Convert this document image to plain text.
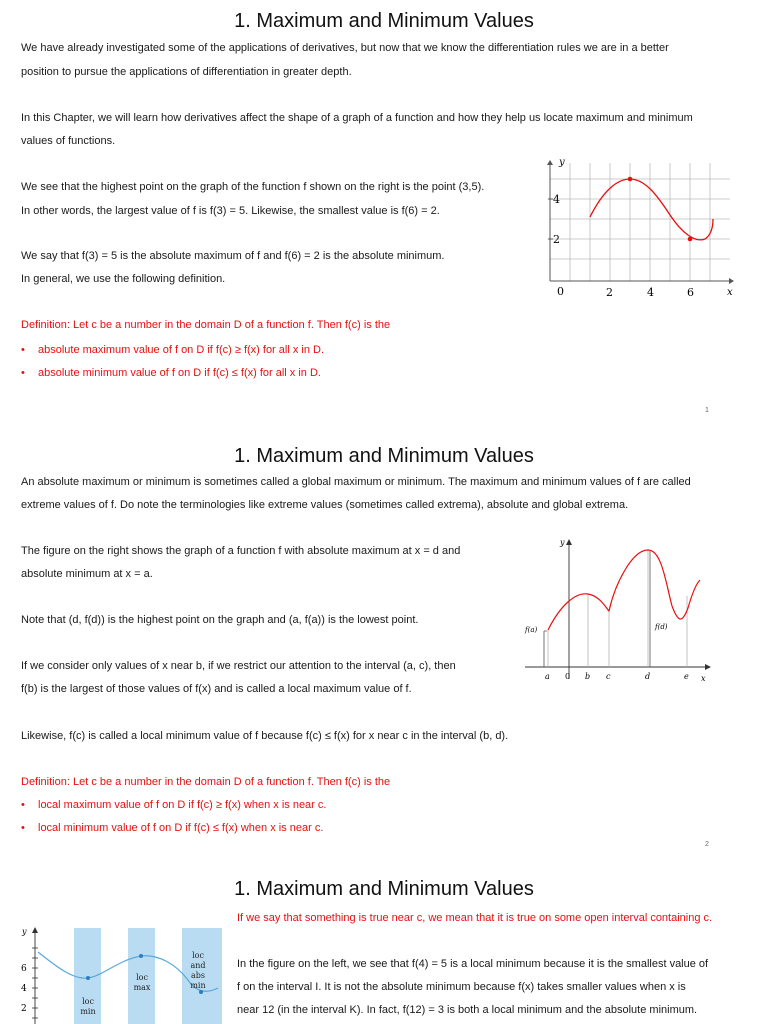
1. Maximum and Minimum Values
We have already investigated some of the applications of derivatives, but now that we know the differentiation rules we are in a better
position to pursue the applications of differentiation in greater depth.
In this Chapter, we will learn how derivatives affect the shape of a graph of a function and how they help us locate maximum and minimum
values of functions.
We see that the highest point on the graph of the function f shown on the right is the point (3,5).
In other words, the largest value of f is f(3) = 5. Likewise, the smallest value is f(6) = 2.
We say that f(3) = 5 is the absolute maximum of f and f(6) = 2 is the absolute minimum.
In general, we use the following definition.
Definition: Let c be a number in the domain D of a function f. Then f(c) is the
• absolute maximum value of f on D if f(c) ≥ f(x) for all x in D.
• absolute minimum value of f on D if f(c) ≤ f(x) for all x in D.
y
x
4
2
0	2	4	6
1
1. Maximum and Minimum Values
An absolute maximum or minimum is sometimes called a global maximum or minimum. The maximum and minimum values of f are called
extreme values of f. Do note the terminologies like extreme values (sometimes called extrema), absolute and global extrema.
The figure on the right shows the graph of a function f with absolute maximum at x = d and
absolute minimum at x = a.
Note that (d, f(d)) is the highest point on the graph and (a, f(a)) is the lowest point.
If we consider only values of x near b, if we restrict our attention to the interval (a, c), then
f(b) is the largest of those values of f(x) and is called a local maximum value of f.
Likewise, f(c) is called a local minimum value of f because f(c) ≤ f(x) for x near c in the interval (b, d).
Definition: Let c be a number in the domain D of a function f. Then f(c) is the
• local maximum value of f on D if f(c) ≥ f(x) when x is near c.
• local minimum value of f on D if f(c) ≤ f(x) when x is near c.
y
x
f(a)	f(d)
0
a	b c	d	e
2
1. Maximum and Minimum Values
If we say that something is true near c, we mean that it is true on some open interval containing c.
In the figure on the left, we see that f(4) = 5 is a local minimum because it is the smallest value of
f on the interval I. It is not the absolute minimum because f(x) takes smaller values when x is
near 12 (in the interval K). In fact, f(12) = 3 is both a local minimum and the absolute minimum.
y
6
4
2
loc
min
loc
max
loc
and
abs
min
